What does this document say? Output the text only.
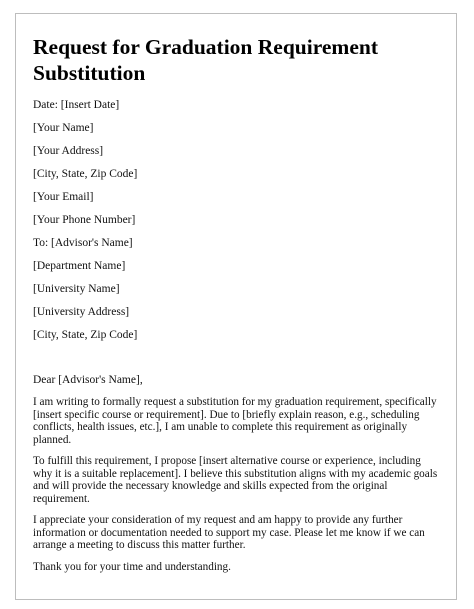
Request for Graduation Requirement Substitution

Date: [Insert Date]

[Your Name]

[Your Address]

[City, State, Zip Code]

[Your Email]

[Your Phone Number]

To: [Advisor's Name]

[Department Name]

[University Name]

[University Address]

[City, State, Zip Code]

Dear [Advisor's Name],

I am writing to formally request a substitution for my graduation requirement, specifically [insert specific course or requirement]. Due to [briefly explain reason, e.g., scheduling conflicts, health issues, etc.], I am unable to complete this requirement as originally planned.

To fulfill this requirement, I propose [insert alternative course or experience, including why it is a suitable replacement]. I believe this substitution aligns with my academic goals and will provide the necessary knowledge and skills expected from the original requirement.

I appreciate your consideration of my request and am happy to provide any further information or documentation needed to support my case. Please let me know if we can arrange a meeting to discuss this matter further.

Thank you for your time and understanding.
